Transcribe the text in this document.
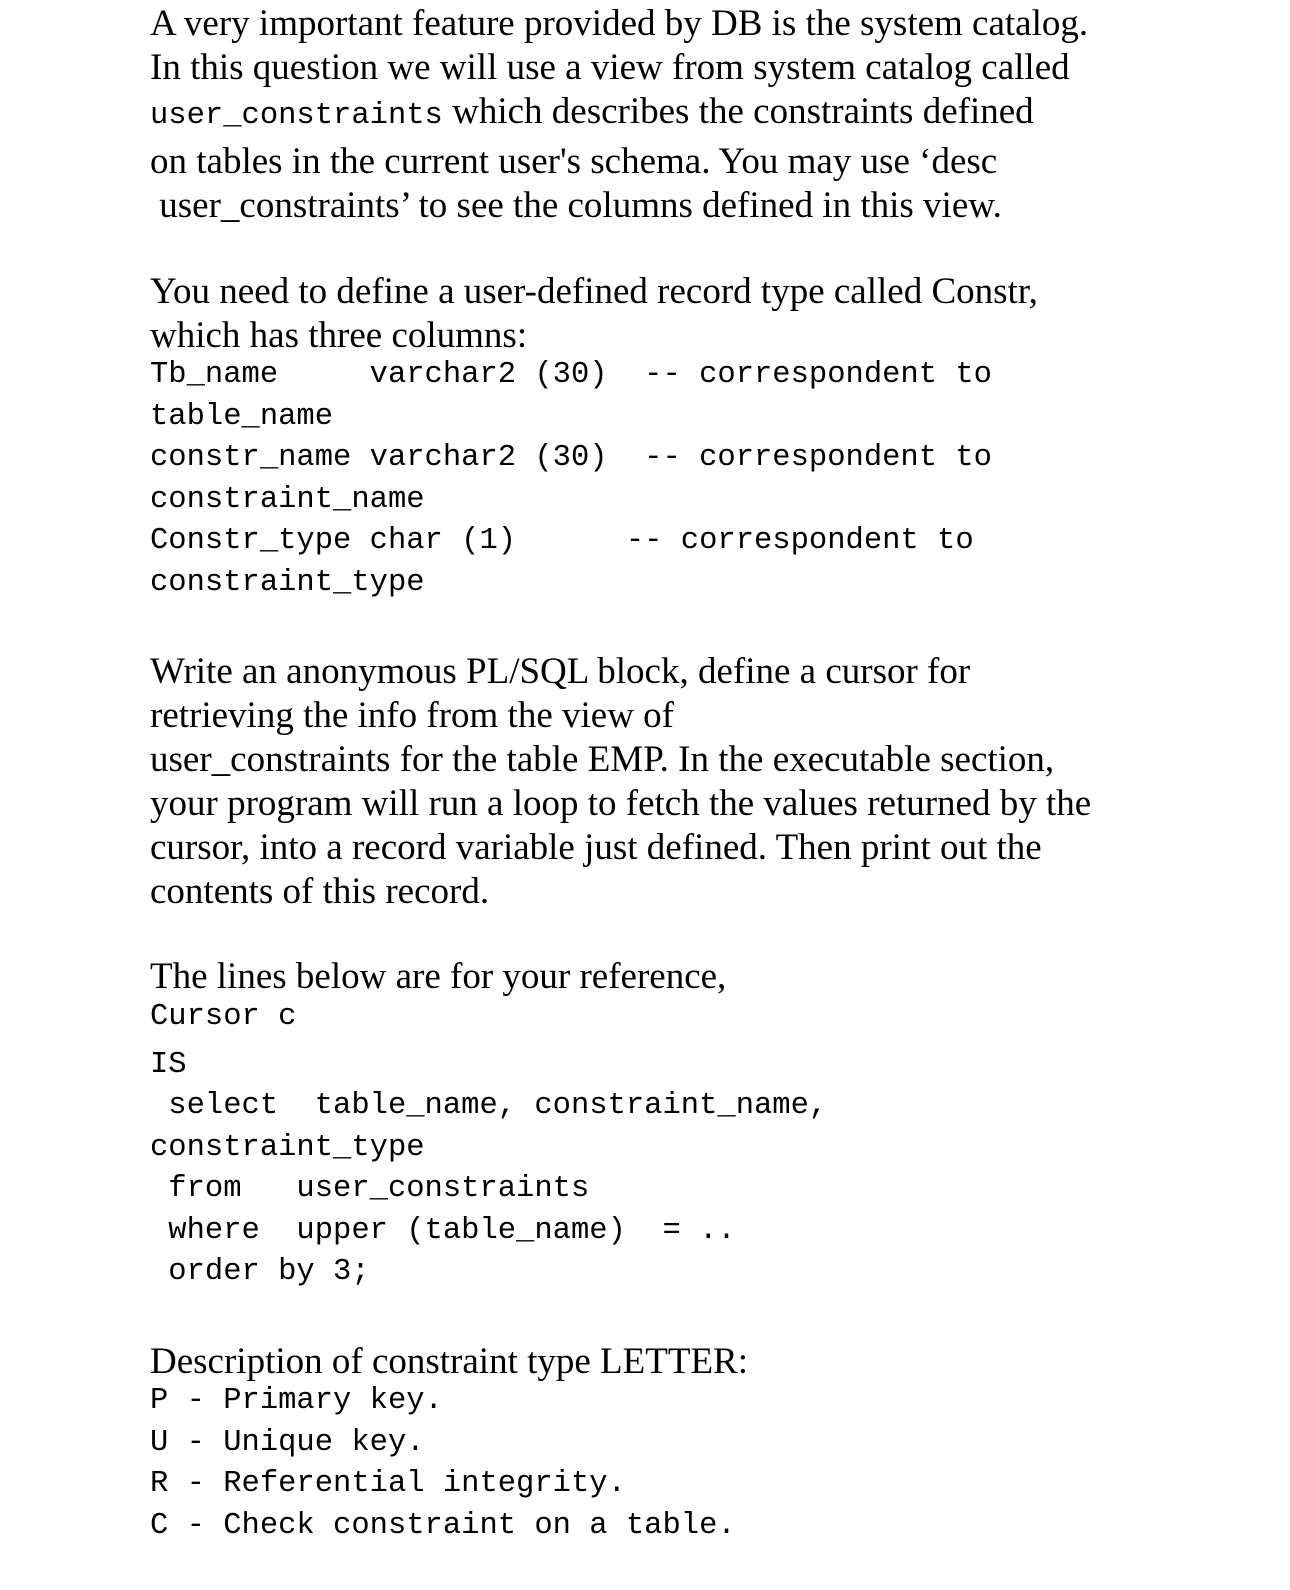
A very important feature provided by DB is the system catalog.
In this question we will use a view from system catalog called
user_constraints which describes the constraints defined
on tables in the current user's schema. You may use ‘desc
user_constraints’ to see the columns defined in this view.
You need to define a user-defined record type called Constr,
which has three columns:
Tb_name     varchar2 (30)  -- correspondent to
table_name
constr_name varchar2 (30)  -- correspondent to
constraint_name
Constr_type char (1)      -- correspondent to
constraint_type
Write an anonymous PL/SQL block, define a cursor for
retrieving the info from the view of
user_constraints for the table EMP. In the executable section,
your program will run a loop to fetch the values returned by the
cursor, into a record variable just defined. Then print out the
contents of this record.
The lines below are for your reference,
Cursor c
IS
select  table_name, constraint_name,
constraint_type
from   user_constraints
where  upper (table_name)  = ..
order by 3;
Description of constraint type LETTER:
P - Primary key.
U - Unique key.
R - Referential integrity.
C - Check constraint on a table.
